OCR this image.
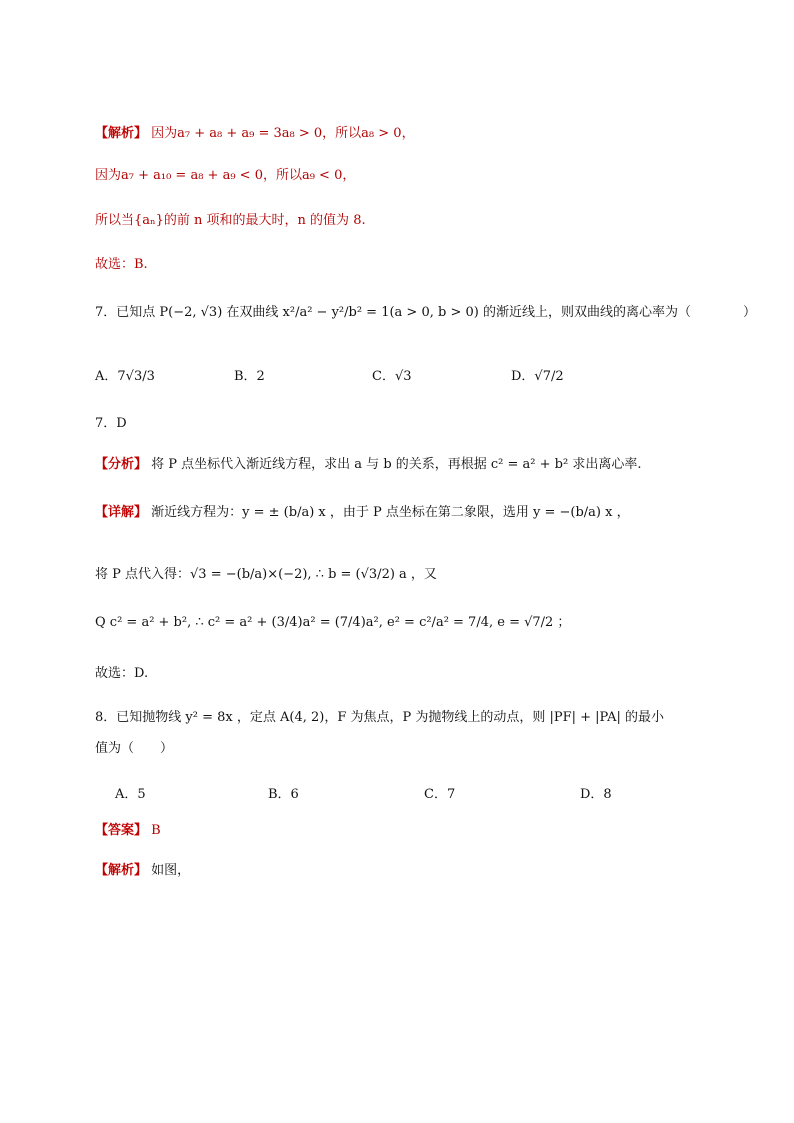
【解析】 因为a₇ + a₈ + a₉ = 3a₈ > 0，所以a₈ > 0，
因为a₇ + a₁₀ = a₈ + a₉ < 0，所以a₉ < 0，
所以当{aₙ}的前 n 项和的最大时，n 的值为 8.
故选：B.
7．已知点 P(−2, √3) 在双曲线 x²/a² − y²/b² = 1(a > 0, b > 0) 的渐近线上，则双曲线的离心率为（　　　　）
A．7√3/3	B．2	C．√3	D．√7/2
7．D
【分析】 将 P 点坐标代入渐近线方程，求出 a 与 b 的关系，再根据 c² = a² + b² 求出离心率.
【详解】 渐近线方程为：y = ± (b/a) x ，由于 P 点坐标在第二象限，选用 y = −(b/a) x ，
将 P 点代入得：√3 = −(b/a)×(−2), ∴ b = (√3/2) a ，又
Q c² = a² + b², ∴ c² = a² + (3/4)a² = (7/4)a², e² = c²/a² = 7/4, e = √7/2 ；
故选：D.
8．已知抛物线 y² = 8x ，定点 A(4, 2)，F 为焦点，P 为抛物线上的动点，则 |PF| + |PA| 的最小
值为（　　）
A．5	B．6	C．7	D．8
【答案】 B
【解析】 如图，
